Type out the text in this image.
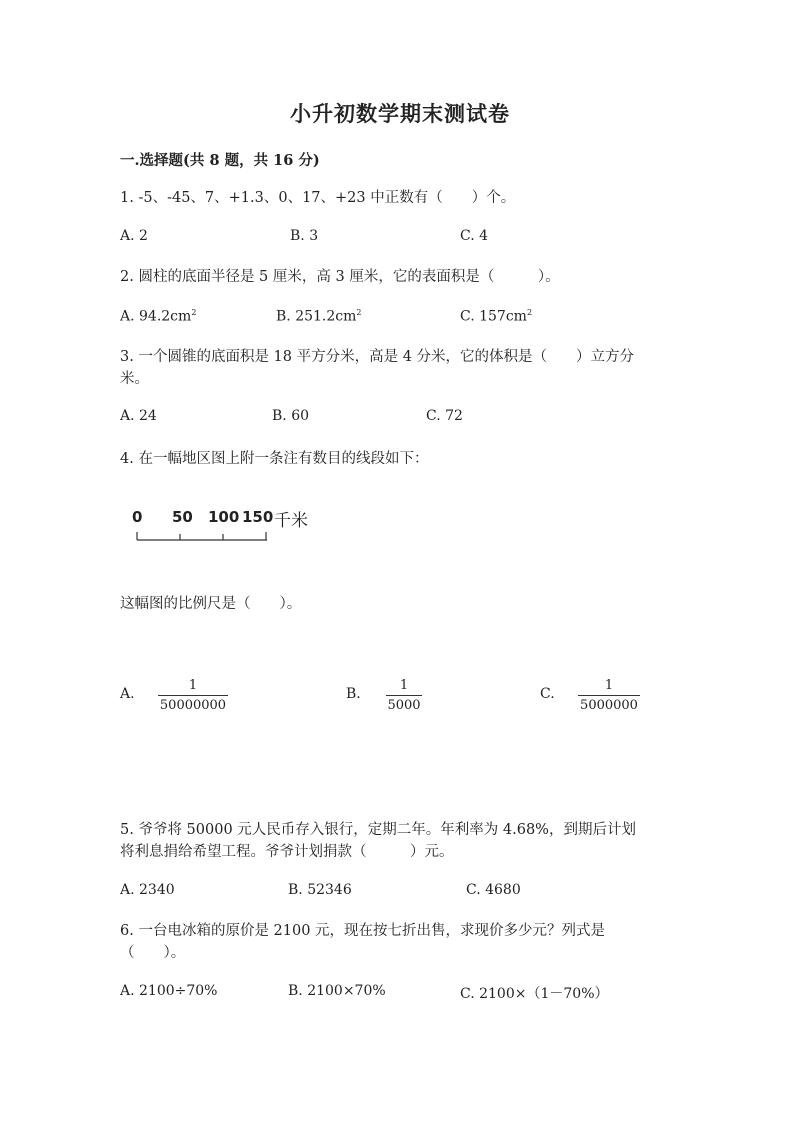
小升初数学期末测试卷
一.选择题(共 8 题，共 16 分)
1. -5、-45、7、+1.3、0、17、+23 中正数有（　　）个。
A. 2	B. 3	C. 4
2. 圆柱的底面半径是 5 厘米，高 3 厘米，它的表面积是（　　　）。
A. $94.2cm^2$	B. $251.2cm^2$	C. $157cm^2$
3. 一个圆锥的底面积是 18 平方分米，高是 4 分米，它的体积是（　　）立方分
米。
A. 24	B. 60	C. 72
4. 在一幅地区图上附一条注有数目的线段如下：
0 50 100 150 千米
这幅图的比例尺是（　　）。
A.
1
50000000
B.
1
5000
C.
1
5000000
5. 爷爷将 50000 元人民币存入银行，定期二年。年利率为 4.68%，到期后计划
将利息捐给希望工程。爷爷计划捐款（　　　）元。
A. 2340	B. 52346	C. 4680
6. 一台电冰箱的原价是 2100 元，现在按七折出售，求现价多少元？列式是
（　　）。
A. 2100÷70%	B. 2100×70%	C. 2100×（1－70%）
